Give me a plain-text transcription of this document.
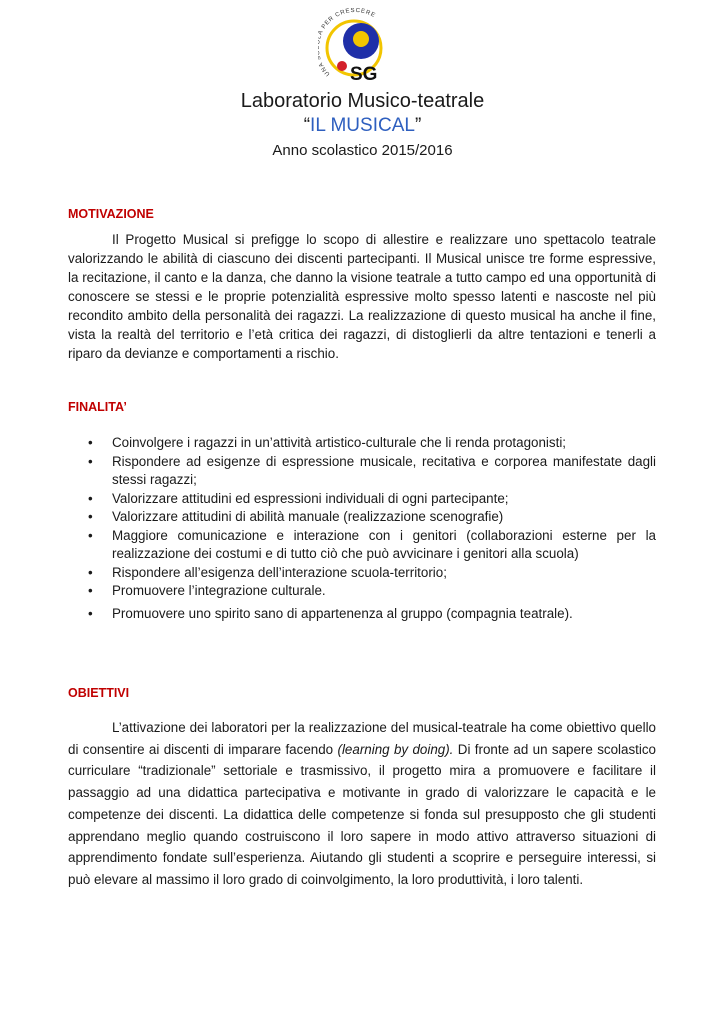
UNA A PER CRESCERE
SG
Laboratorio Musico-teatrale
“IL MUSICAL”
Anno scolastico 2015/2016
MOTIVAZIONE
Il Progetto Musical si prefigge lo scopo di allestire e realizzare uno spettacolo teatrale valorizzando le abilità di ciascuno dei discenti partecipanti. Il Musical unisce tre forme espressive, la recitazione, il canto e la danza, che danno la visione teatrale a tutto campo ed una opportunità di conoscere se stessi e le proprie potenzialità espressive molto spesso latenti e nascoste nel più recondito ambito della personalità dei ragazzi. La realizzazione di questo musical ha anche il fine, vista la realtà del territorio e l’età critica dei ragazzi, di distoglierli da altre tentazioni e tenerli a riparo da devianze e comportamenti a rischio.
FINALITA’
• Coinvolgere i ragazzi in un’attività artistico-culturale che li renda protagonisti;
• Rispondere ad esigenze di espressione musicale, recitativa e corporea manifestate dagli stessi ragazzi;
• Valorizzare attitudini ed espressioni individuali di ogni partecipante;
• Valorizzare attitudini di abilità manuale (realizzazione scenografie)
• Maggiore comunicazione e interazione con i genitori (collaborazioni esterne per la realizzazione dei costumi e di tutto ciò che può avvicinare i genitori alla scuola)
• Rispondere all’esigenza dell’interazione scuola-territorio;
• Promuovere l’integrazione culturale.
• Promuovere uno spirito sano di appartenenza al gruppo (compagnia teatrale).
OBIETTIVI
L’attivazione dei laboratori per la realizzazione del musical-teatrale ha come obiettivo quello di consentire ai discenti di imparare facendo (learning by doing). Di fronte ad un sapere scolastico curriculare “tradizionale” settoriale e trasmissivo, il progetto mira a promuovere e facilitare il passaggio ad una didattica partecipativa e motivante in grado di valorizzare le capacità e le competenze dei discenti. La didattica delle competenze si fonda sul presupposto che gli studenti apprendano meglio quando costruiscono il loro sapere in modo attivo attraverso situazioni di apprendimento fondate sull’esperienza. Aiutando gli studenti a scoprire e perseguire interessi, si può elevare al massimo il loro grado di coinvolgimento, la loro produttività, i loro talenti.
